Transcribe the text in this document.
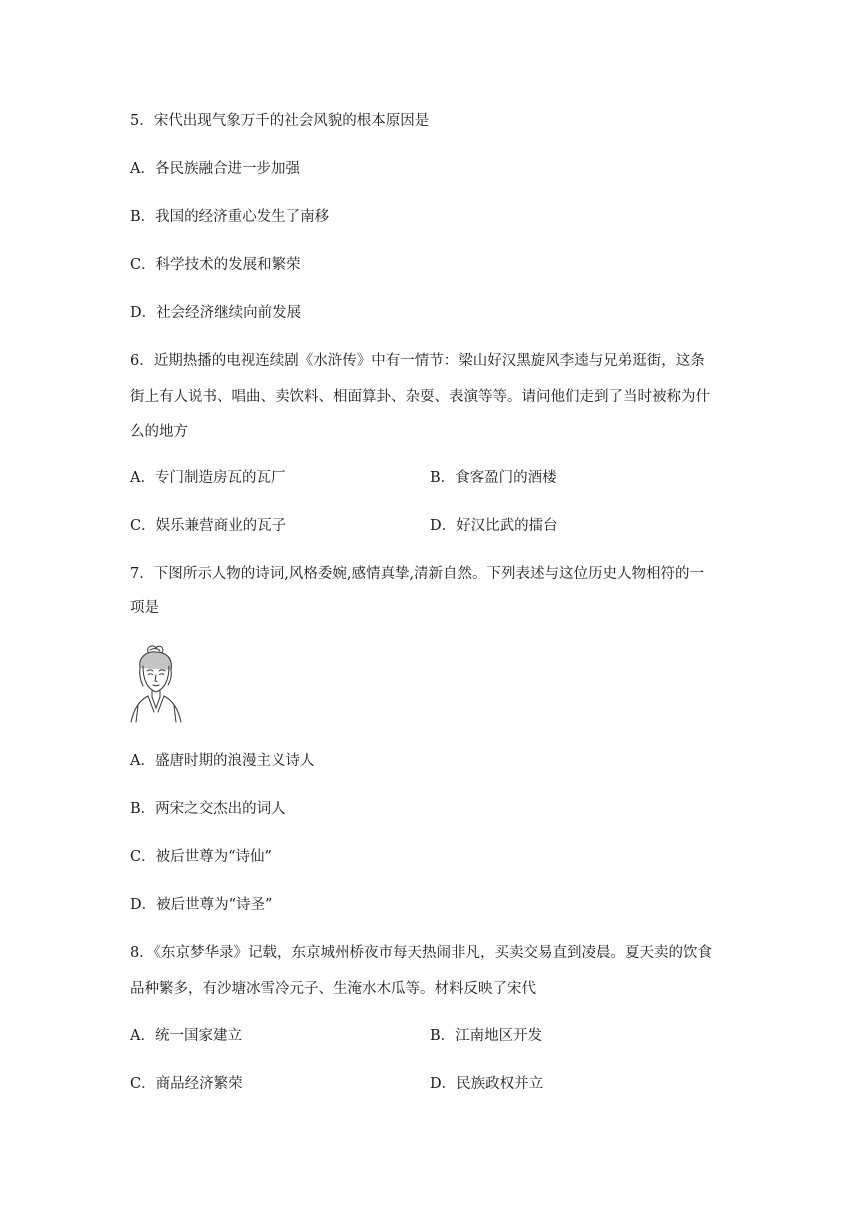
5．宋代出现气象万千的社会风貌的根本原因是
A．各民族融合进一步加强
B．我国的经济重心发生了南移
C．科学技术的发展和繁荣
D．社会经济继续向前发展
6．近期热播的电视连续剧《水浒传》中有一情节：梁山好汉黑旋风李逵与兄弟逛街，这条
街上有人说书、唱曲、卖饮料、相面算卦、杂耍、表演等等。请问他们走到了当时被称为什
么的地方
A．专门制造房瓦的瓦厂	B．食客盈门的酒楼
C．娱乐兼营商业的瓦子	D．好汉比武的擂台
7．下图所示人物的诗词,风格委婉,感情真挚,清新自然。下列表述与这位历史人物相符的一
项是
A．盛唐时期的浪漫主义诗人
B．两宋之交杰出的词人
C．被后世尊为“诗仙”
D．被后世尊为“诗圣”
8．《东京梦华录》记载，东京城州桥夜市每天热闹非凡，买卖交易直到凌晨。夏天卖的饮食
品种繁多，有沙塘冰雪冷元子、生淹水木瓜等。材料反映了宋代
A．统一国家建立	B．江南地区开发
C．商品经济繁荣	D．民族政权并立
